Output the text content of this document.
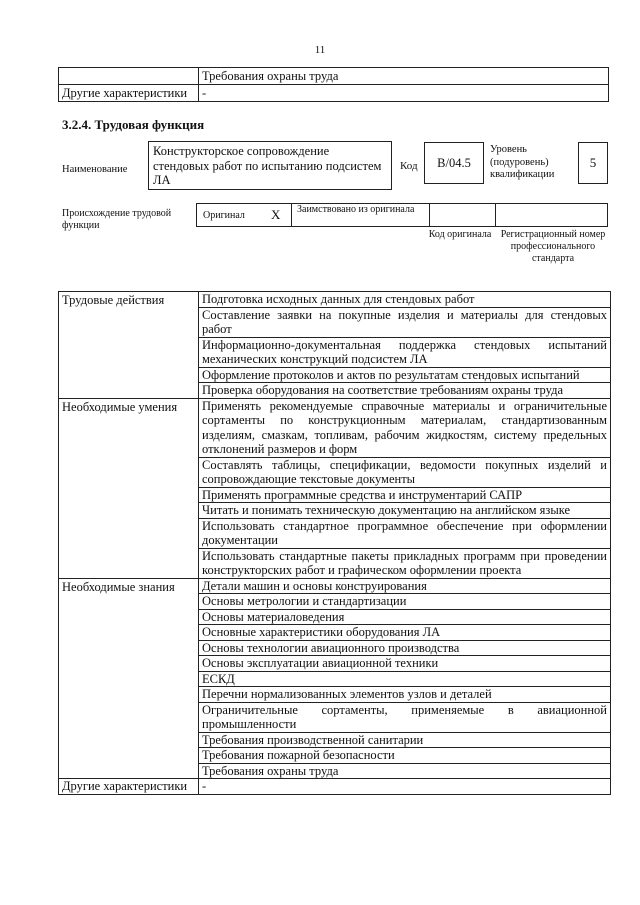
11
	Требования охраны труда
Другие характеристики	-
3.2.4. Трудовая функция
Наименование
Конструкторское сопровождение стендовых работ по испытанию подсистем ЛА
Код	B/04.5
Уровень (подуровень) квалификации
5
Происхождение трудовой функции
Оригинал X Заимствовано из оригинала
Код оригинала Регистрационный номер профессионального стандарта
Трудовые действия	Подготовка исходных данных для стендовых работ
	Составление заявки на покупные изделия и материалы для стендовых работ
	Информационно-документальная поддержка стендовых испытаний механических конструкций подсистем ЛА
	Оформление протоколов и актов по результатам стендовых испытаний
	Проверка оборудования на соответствие требованиям охраны труда
Необходимые умения	Применять рекомендуемые справочные материалы и ограничительные сортаменты по конструкционным материалам, стандартизованным изделиям, смазкам, топливам, рабочим жидкостям, систему предельных отклонений размеров и форм
	Составлять таблицы, спецификации, ведомости покупных изделий и сопровождающие текстовые документы
	Применять программные средства и инструментарий САПР
	Читать и понимать техническую документацию на английском языке
	Использовать стандартное программное обеспечение при оформлении документации
	Использовать стандартные пакеты прикладных программ при проведении конструкторских работ и графическом оформлении проекта
Необходимые знания	Детали машин и основы конструирования
	Основы метрологии и стандартизации
	Основы материаловедения
	Основные характеристики оборудования ЛА
	Основы технологии авиационного производства
	Основы эксплуатации авиационной техники
	ЕСКД
	Перечни нормализованных элементов узлов и деталей
	Ограничительные сортаменты, применяемые в авиационной промышленности
	Требования производственной санитарии
	Требования пожарной безопасности
	Требования охраны труда
Другие характеристики	-
